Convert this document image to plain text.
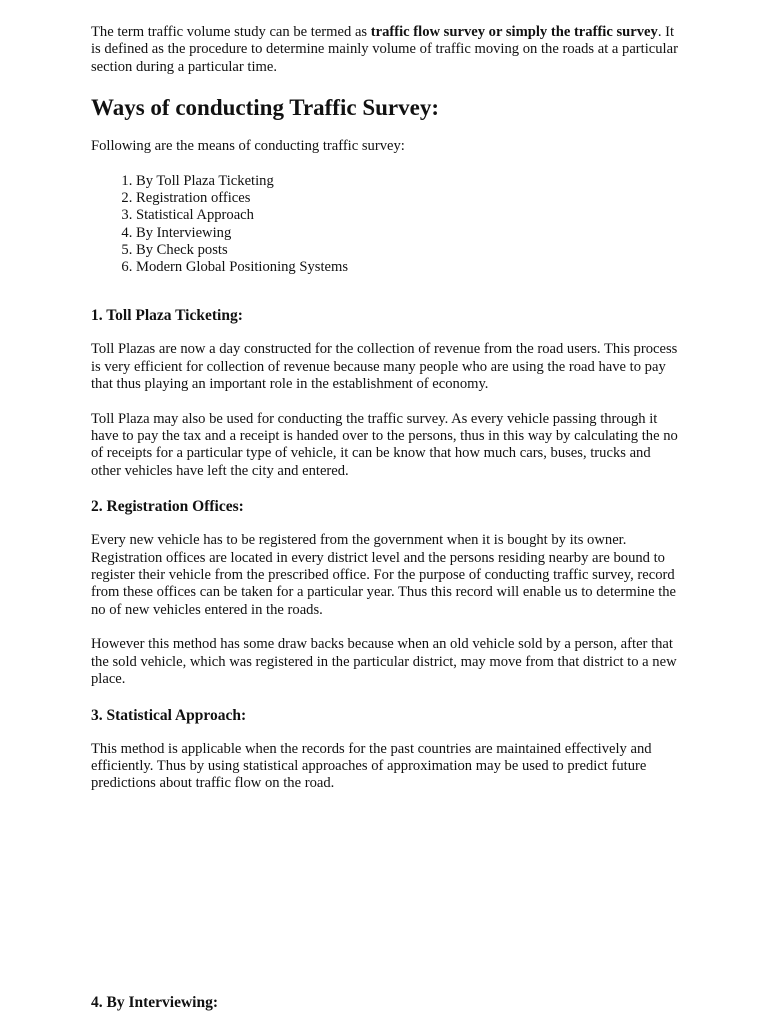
The term traffic volume study can be termed as traffic flow survey or simply the traffic survey. It is defined as the procedure to determine mainly volume of traffic moving on the roads at a particular section during a particular time.

Ways of conducting Traffic Survey:

Following are the means of conducting traffic survey:

1. By Toll Plaza Ticketing
2. Registration offices
3. Statistical Approach
4. By Interviewing
5. By Check posts
6. Modern Global Positioning Systems
1. Toll Plaza Ticketing:

Toll Plazas are now a day constructed for the collection of revenue from the road users. This process is very efficient for collection of revenue because many people who are using the road have to pay that thus playing an important role in the establishment of economy.

Toll Plaza may also be used for conducting the traffic survey. As every vehicle passing through it have to pay the tax and a receipt is handed over to the persons, thus in this way by calculating the no of receipts for a particular type of vehicle, it can be know that how much cars, buses, trucks and other vehicles have left the city and entered.

2. Registration Offices:

Every new vehicle has to be registered from the government when it is bought by its owner. Registration offices are located in every district level and the persons residing nearby are bound to register their vehicle from the prescribed office. For the purpose of conducting traffic survey, record from these offices can be taken for a particular year. Thus this record will enable us to determine the no of new vehicles entered in the roads.

However this method has some draw backs because when an old vehicle sold by a person, after that the sold vehicle, which was registered in the particular district, may move from that district to a new place.

3. Statistical Approach:

This method is applicable when the records for the past countries are maintained effectively and efficiently. Thus by using statistical approaches of approximation may be used to predict future predictions about traffic flow on the road.

4. By Interviewing:
